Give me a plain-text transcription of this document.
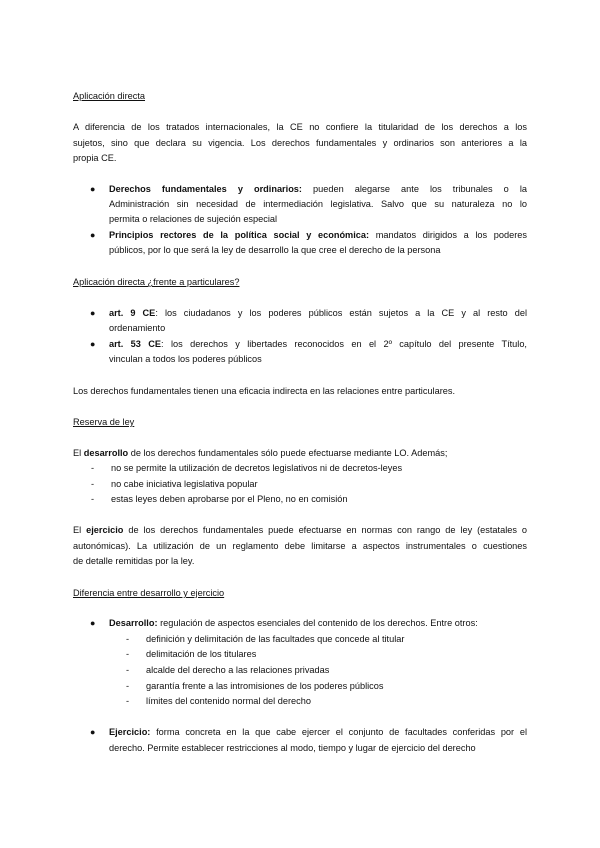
Aplicación directa
A diferencia de los tratados internacionales, la CE no confiere la titularidad de los derechos a los
sujetos, sino que declara su vigencia. Los derechos fundamentales y ordinarios son anteriores a la
propia CE.
● Derechos fundamentales y ordinarios: pueden alegarse ante los tribunales o la
Administración sin necesidad de intermediación legislativa. Salvo que su naturaleza no lo
permita o relaciones de sujeción especial
● Principios rectores de la política social y económica: mandatos dirigidos a los poderes
públicos, por lo que será la ley de desarrollo la que cree el derecho de la persona
Aplicación directa ¿frente a particulares?
● art. 9 CE: los ciudadanos y los poderes públicos están sujetos a la CE y al resto del
ordenamiento
● art. 53 CE: los derechos y libertades reconocidos en el 2º capítulo del presente Título,
vinculan a todos los poderes públicos
Los derechos fundamentales tienen una eficacia indirecta en las relaciones entre particulares.
Reserva de ley
El desarrollo de los derechos fundamentales sólo puede efectuarse mediante LO. Además;
- no se permite la utilización de decretos legislativos ni de decretos-leyes
- no cabe iniciativa legislativa popular
- estas leyes deben aprobarse por el Pleno, no en comisión
El ejercicio de los derechos fundamentales puede efectuarse en normas con rango de ley (estatales o
autonómicas). La utilización de un reglamento debe limitarse a aspectos instrumentales o cuestiones
de detalle remitidas por la ley.
Diferencia entre desarrollo y ejercicio
● Desarrollo: regulación de aspectos esenciales del contenido de los derechos. Entre otros:
- definición y delimitación de las facultades que concede al titular
- delimitación de los titulares
- alcalde del derecho a las relaciones privadas
- garantía frente a las intromisiones de los poderes públicos
- límites del contenido normal del derecho
● Ejercicio: forma concreta en la que cabe ejercer el conjunto de facultades conferidas por el
derecho. Permite establecer restricciones al modo, tiempo y lugar de ejercicio del derecho
